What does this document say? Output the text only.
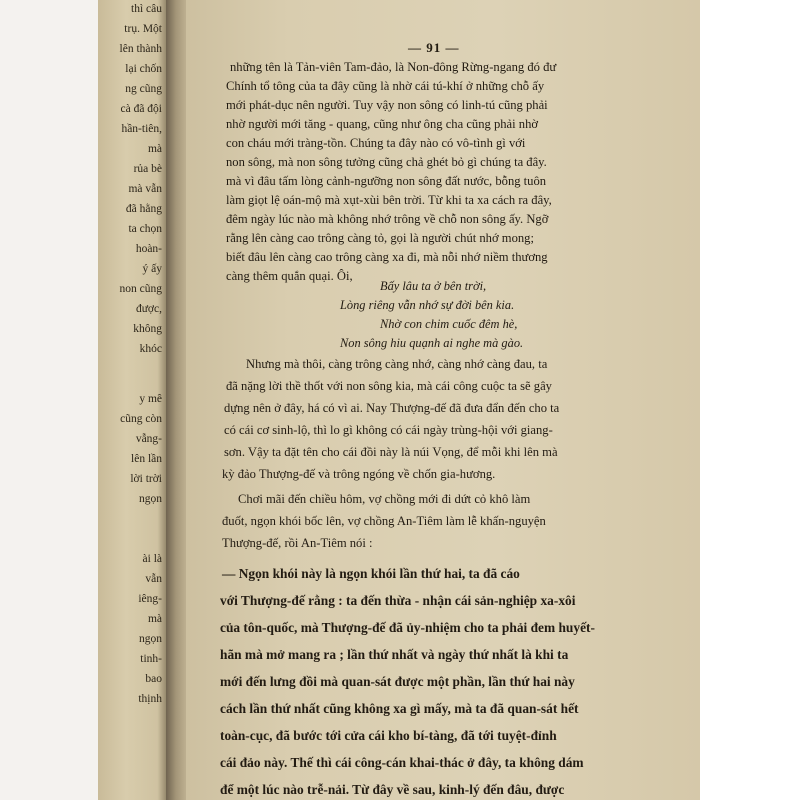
thì câu
trụ. Một
lên thành
lại chốn
ng cũng
cà đã đội
hần-tiên,
mà
rủa bè
mà vẫn
đã hằng
ta chọn
hoàn-
ý ấy
non cũng
được,
không
khóc
y mê
cũng còn
vẫng-
lên lần
lời trời
ngọn
ài là
vẫn
iêng-
mà
ngọn
tinh-
bao
thịnh
— 91 —
những tên là Tản-viên Tam-đảo, là Non-đông Rừng-ngang đó đư
Chính tổ tông của ta đây cũng là nhờ cái tú-khí ở những chỗ ấy
mới phát-dục nên người. Tuy vậy non sông có linh-tú cũng phải
nhờ người mới tăng - quang, cũng như ông cha cũng phải nhờ
con cháu mới tràng-tồn. Chúng ta đây nào có vô-tình gì với
non sông, mà non sông tưởng cũng chả ghét bỏ gì chúng ta đây.
mà vì đâu tấm lòng cảnh-ngưỡng non sông đất nước, bỗng tuôn
làm giọt lệ oán-mộ mà xụt-xùi bên trời. Từ khi ta xa cách ra đây,
đêm ngày lúc nào mà không nhớ trông về chỗ non sông ấy. Ngỡ
rằng lên càng cao trông càng tỏ, gọi là người chút nhớ mong;
biết đâu lên càng cao trông càng xa đi, mà nỗi nhớ niềm thương
càng thêm quắn quại. Ôi,
Bấy lâu ta ở bên trời,
Lòng riêng vẫn nhớ sự đời bên kia.
Nhờ con chim cuốc đêm hè,
Non sông hiu quạnh ai nghe mà gào.
Nhưng mà thôi, càng trông càng nhớ, càng nhớ càng đau, ta
đã nặng lời thề thốt với non sông kia, mà cái công cuộc ta sẽ gây
dựng nên ở đây, há có vì ai. Nay Thượng-đế đã đưa đẩn đến cho ta
có cái cơ sinh-lộ, thì lo gì không có cái ngày trùng-hội với giang-
sơn. Vậy ta đặt tên cho cái đồi này là núi Vọng, để mỗi khi lên mà
kỳ đảo Thượng-đế và trông ngóng về chốn gia-hương.
Chơi mãi đến chiều hôm, vợ chồng mới đi dứt cỏ khô làm
đuốt, ngọn khói bốc lên, vợ chồng An-Tiêm làm lễ khấn-nguyện
Thượng-đế, rồi An-Tiêm nói :
— Ngọn khói này là ngọn khói lần thứ hai, ta đã cáo
với Thượng-đế rằng : ta đến thừa - nhận cái sản-nghiệp xa-xôi
của tôn-quốc, mà Thượng-đế đã ủy-nhiệm cho ta phải đem huyết-
hãn mà mở mang ra ; lần thứ nhất và ngày thứ nhất là khi ta
mới đến lưng đồi mà quan-sát được một phần, lần thứ hai này
cách lần thứ nhất cũng không xa gì mấy, mà ta đã quan-sát hết
toàn-cục, đã bước tới cửa cái kho bí-tàng, đã tới tuyệt-đỉnh
cái đảo này. Thế thì cái công-cán khai-thác ở đây, ta không dám
để một lúc nào trễ-nải. Từ đây về sau, kinh-lý đến đâu, được
